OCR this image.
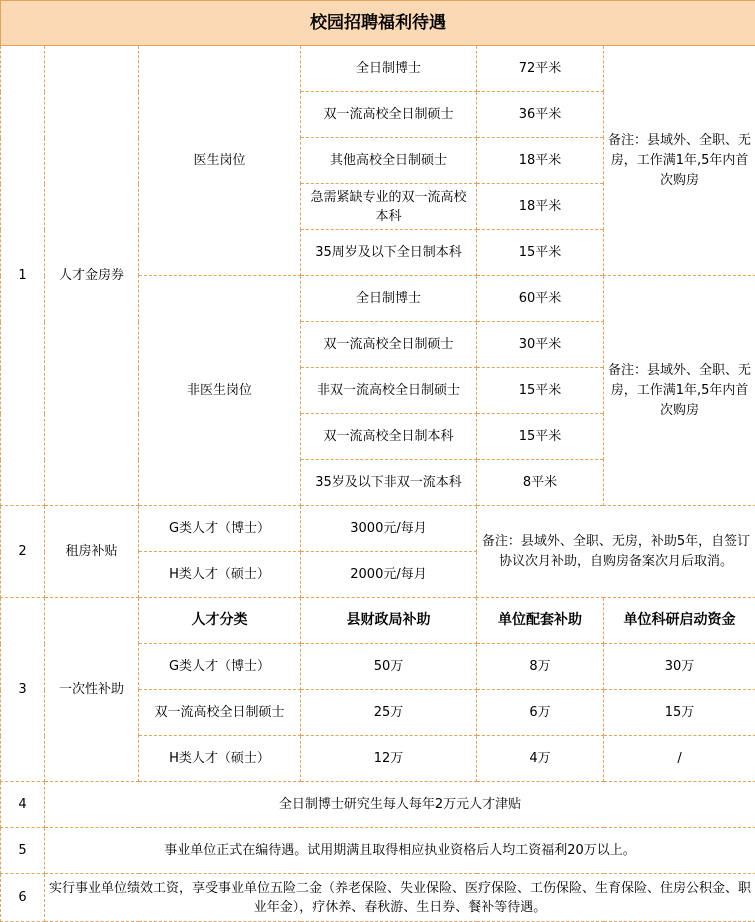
校园招聘福利待遇					
1	人才金房券	医生岗位	全日制博士	72平米	备注：县域外、全职、无房，工作满1年,5年内首次购房
			双一流高校全日制硕士	36平米	
			其他高校全日制硕士	18平米	
			急需紧缺专业的双一流高校本科	18平米	
			35周岁及以下全日制本科	15平米	
		非医生岗位	全日制博士	60平米	备注：县域外、全职、无房，工作满1年,5年内首次购房
			双一流高校全日制硕士	30平米	
			非双一流高校全日制硕士	15平米	
			双一流高校全日制本科	15平米	
			35岁及以下非双一流本科	8平米	
2	租房补贴	G类人才（博士）	3000元/每月	备注：县域外、全职、无房，补助5年，自签订协议次月补助，自购房备案次月后取消。	
		H类人才（硕士）	2000元/每月		
3	一次性补助	人才分类	县财政局补助	单位配套补助	单位科研启动资金
		G类人才（博士）	50万	8万	30万
		双一流高校全日制硕士	25万	6万	15万
		H类人才（硕士）	12万	4万	/
4	全日制博士研究生每人每年2万元人才津贴				
5	事业单位正式在编待遇。试用期满且取得相应执业资格后人均工资福利20万以上。				
6	实行事业单位绩效工资，享受事业单位五险二金（养老保险、失业保险、医疗保险、工伤保险、生育保险、住房公积金、职业年金），疗休养、春秋游、生日券、餐补等待遇。				
